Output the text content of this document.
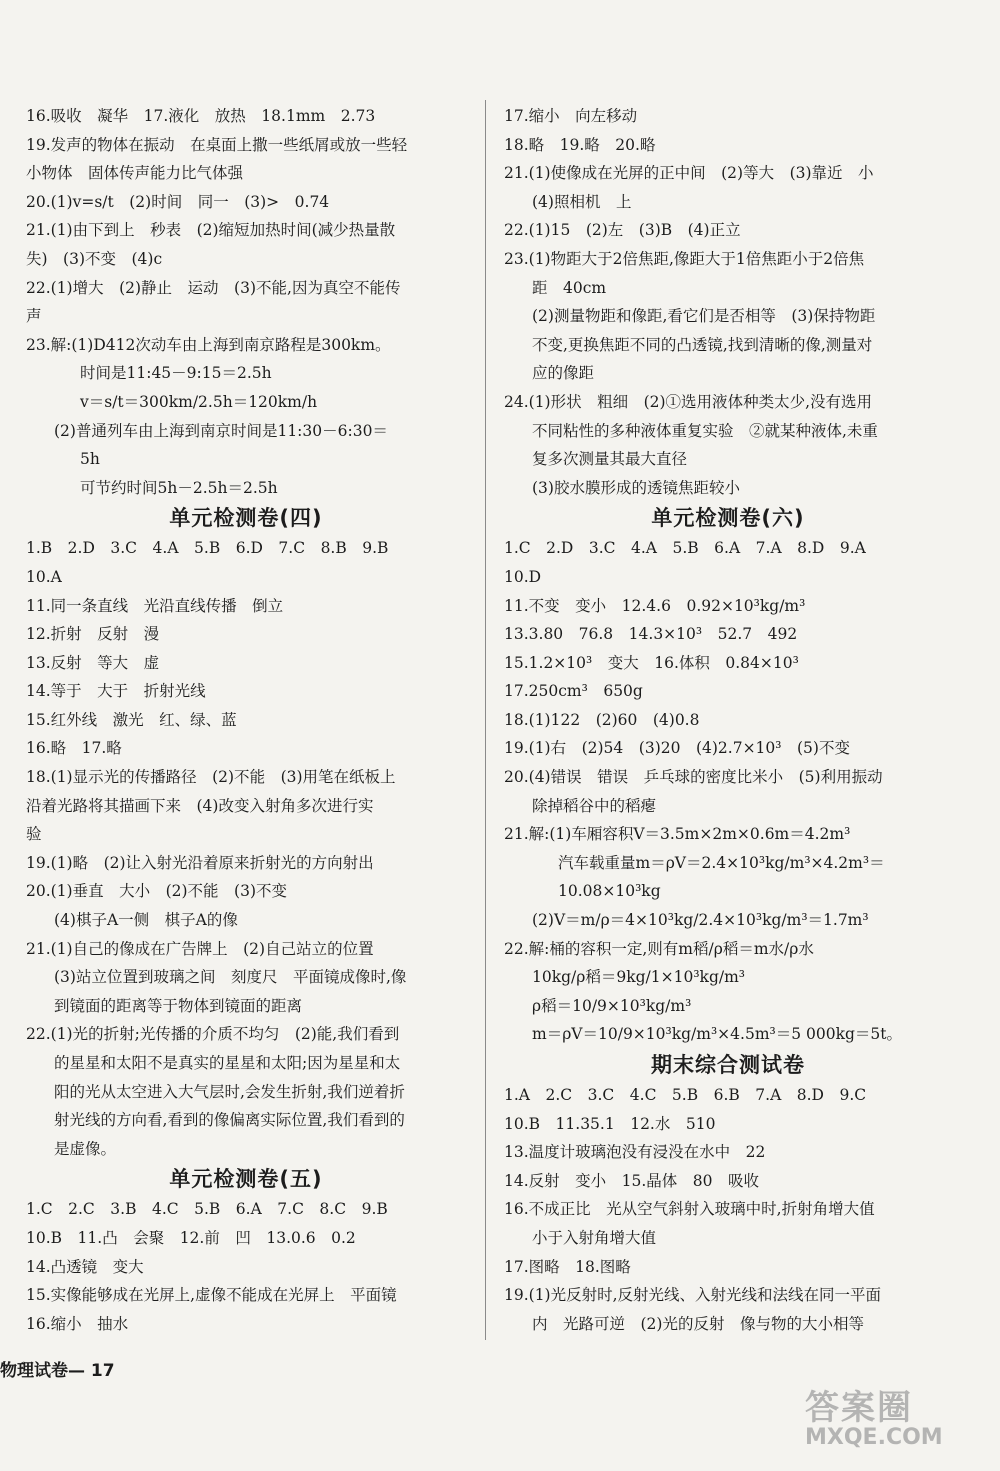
16.吸收　凝华　17.液化　放热　18.1mm　2.73
19.发声的物体在振动　在桌面上撒一些纸屑或放一些轻
小物体　固体传声能力比气体强
20.(1)v=s/t　(2)时间　同一　(3)>　0.74
21.(1)由下到上　秒表　(2)缩短加热时间(减少热量散
失)　(3)不变　(4)c
22.(1)增大　(2)静止　运动　(3)不能,因为真空不能传
声
23.解:(1)D412次动车由上海到南京路程是300km。
时间是11:45－9:15＝2.5h
v＝s/t＝300km/2.5h＝120km/h
(2)普通列车由上海到南京时间是11:30－6:30＝
5h
可节约时间5h－2.5h＝2.5h
单元检测卷(四)
1.B　2.D　3.C　4.A　5.B　6.D　7.C　8.B　9.B
10.A
11.同一条直线　光沿直线传播　倒立
12.折射　反射　漫
13.反射　等大　虚
14.等于　大于　折射光线
15.红外线　激光　红、绿、蓝
16.略　17.略
18.(1)显示光的传播路径　(2)不能　(3)用笔在纸板上
沿着光路将其描画下来　(4)改变入射角多次进行实
验
19.(1)略　(2)让入射光沿着原来折射光的方向射出
20.(1)垂直　大小　(2)不能　(3)不变
(4)棋子A一侧　棋子A的像
21.(1)自己的像成在广告牌上　(2)自己站立的位置
(3)站立位置到玻璃之间　刻度尺　平面镜成像时,像
到镜面的距离等于物体到镜面的距离
22.(1)光的折射;光传播的介质不均匀　(2)能,我们看到
的星星和太阳不是真实的星星和太阳;因为星星和太
阳的光从太空进入大气层时,会发生折射,我们逆着折
射光线的方向看,看到的像偏离实际位置,我们看到的
是虚像。
单元检测卷(五)
1.C　2.C　3.B　4.C　5.B　6.A　7.C　8.C　9.B
10.B　11.凸　会聚　12.前　凹　13.0.6　0.2
14.凸透镜　变大
15.实像能够成在光屏上,虚像不能成在光屏上　平面镜
16.缩小　抽水
17.缩小　向左移动
18.略　19.略　20.略
21.(1)使像成在光屏的正中间　(2)等大　(3)靠近　小
(4)照相机　上
22.(1)15　(2)左　(3)B　(4)正立
23.(1)物距大于2倍焦距,像距大于1倍焦距小于2倍焦
距　40cm
(2)测量物距和像距,看它们是否相等　(3)保持物距
不变,更换焦距不同的凸透镜,找到清晰的像,测量对
应的像距
24.(1)形状　粗细　(2)①选用液体种类太少,没有选用
不同粘性的多种液体重复实验　②就某种液体,未重
复多次测量其最大直径
(3)胶水膜形成的透镜焦距较小
单元检测卷(六)
1.C　2.D　3.C　4.A　5.B　6.A　7.A　8.D　9.A
10.D
11.不变　变小　12.4.6　0.92×10³kg/m³
13.3.80　76.8　14.3×10³　52.7　492
15.1.2×10³　变大　16.体积　0.84×10³
17.250cm³　650g
18.(1)122　(2)60　(4)0.8
19.(1)右　(2)54　(3)20　(4)2.7×10³　(5)不变
20.(4)错误　错误　乒乓球的密度比米小　(5)利用振动
除掉稻谷中的稻瘪
21.解:(1)车厢容积V＝3.5m×2m×0.6m＝4.2m³
汽车载重量m＝ρV＝2.4×10³kg/m³×4.2m³＝
10.08×10³kg
(2)V＝m/ρ＝4×10³kg/2.4×10³kg/m³＝1.7m³
22.解:桶的容积一定,则有m稻/ρ稻＝m水/ρ水
10kg/ρ稻＝9kg/1×10³kg/m³
ρ稻＝10/9×10³kg/m³
m＝ρV＝10/9×10³kg/m³×4.5m³＝5 000kg＝5t。
期末综合测试卷
1.A　2.C　3.C　4.C　5.B　6.B　7.A　8.D　9.C
10.B　11.35.1　12.水　510
13.温度计玻璃泡没有浸没在水中　22
14.反射　变小　15.晶体　80　吸收
16.不成正比　光从空气斜射入玻璃中时,折射角增大值
小于入射角增大值
17.图略　18.图略
19.(1)光反射时,反射光线、入射光线和法线在同一平面
内　光路可逆　(2)光的反射　像与物的大小相等
物理试卷— 17
答案圈
MXQE.COM
